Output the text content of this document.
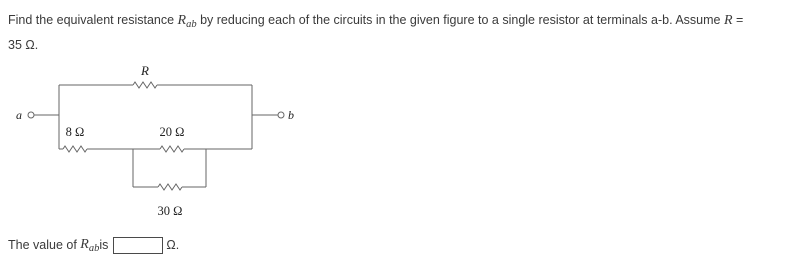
Find the equivalent resistance $R_{ab}$ by reducing each of the circuits in the given figure to a single resistor at terminals a-b. Assume R =
35 Ω.
a	b
R
8 Ω	20 Ω
30 Ω
The value of $R_{ab}$ is	Ω.
